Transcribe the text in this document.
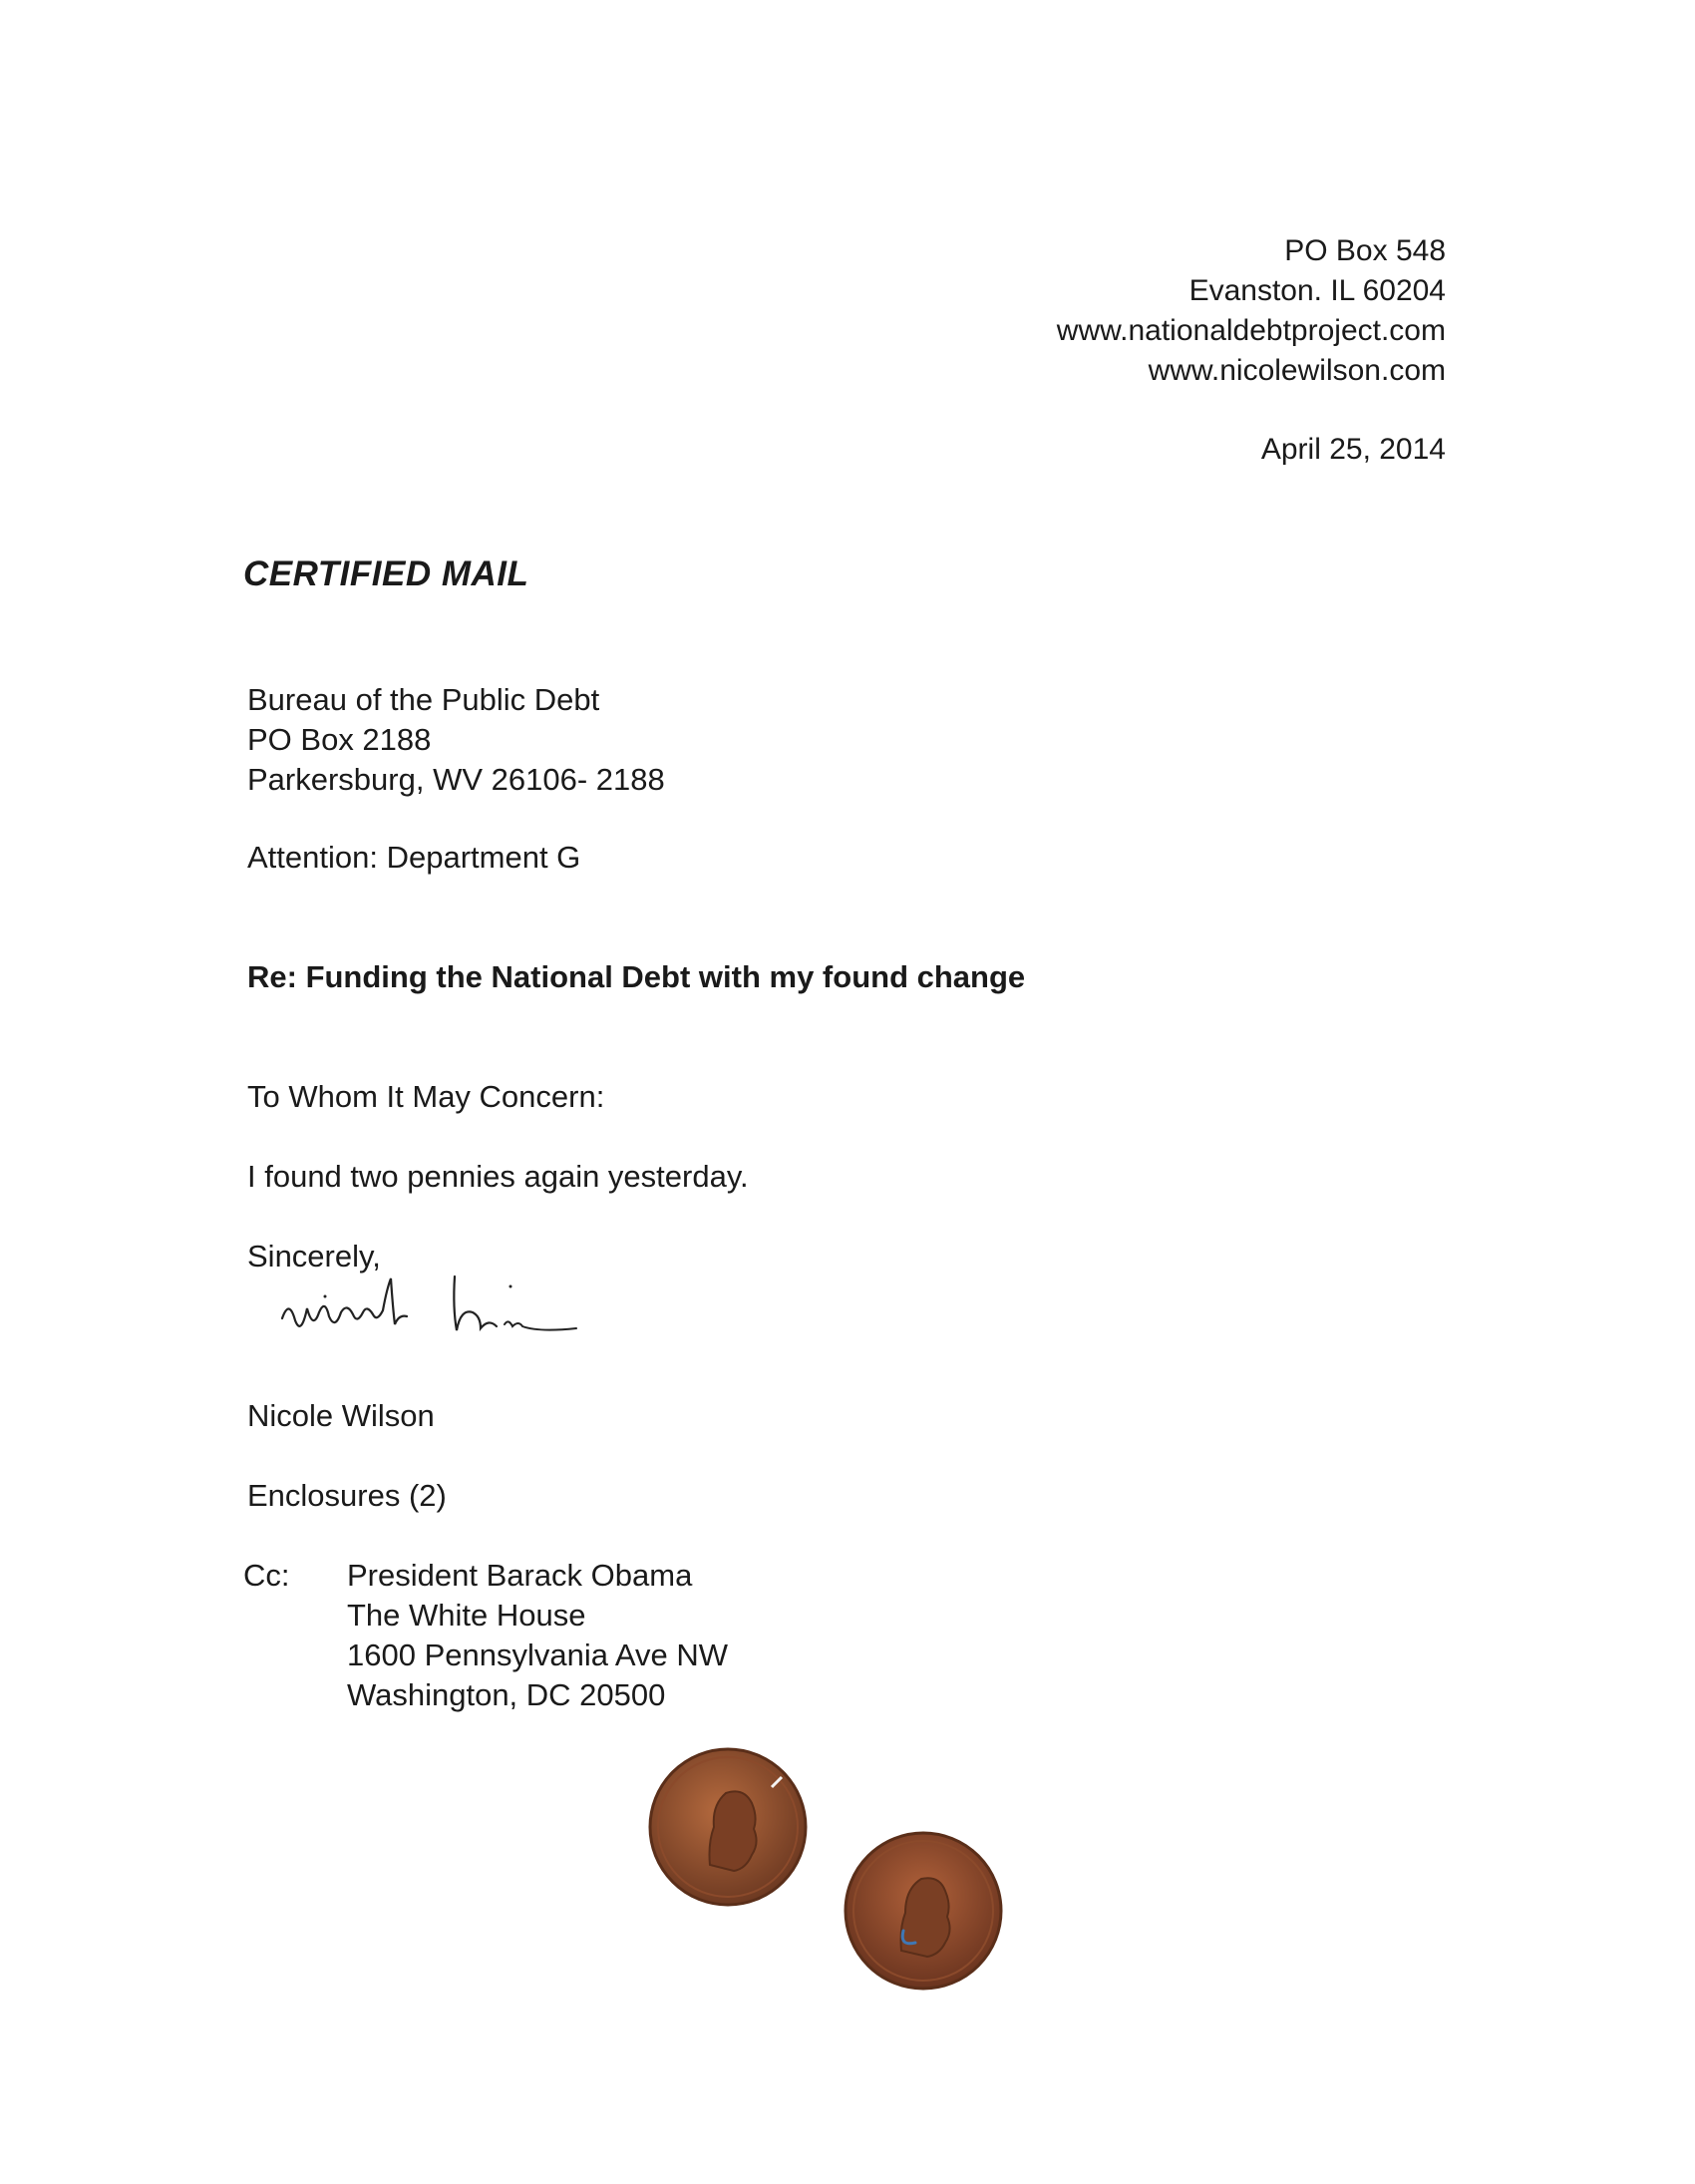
PO Box 548
Evanston. IL 60204
www.nationaldebtproject.com
www.nicolewilson.com
April 25, 2014
CERTIFIED MAIL
Bureau of the Public Debt
PO Box 2188
Parkersburg, WV 26106- 2188
Attention: Department G
Re: Funding the National Debt with my found change
To Whom It May Concern:
I found two pennies again yesterday.
Sincerely,
Nicole Wilson
Enclosures (2)
Cc: President Barack Obama
The White House
1600 Pennsylvania Ave NW
Washington, DC 20500
